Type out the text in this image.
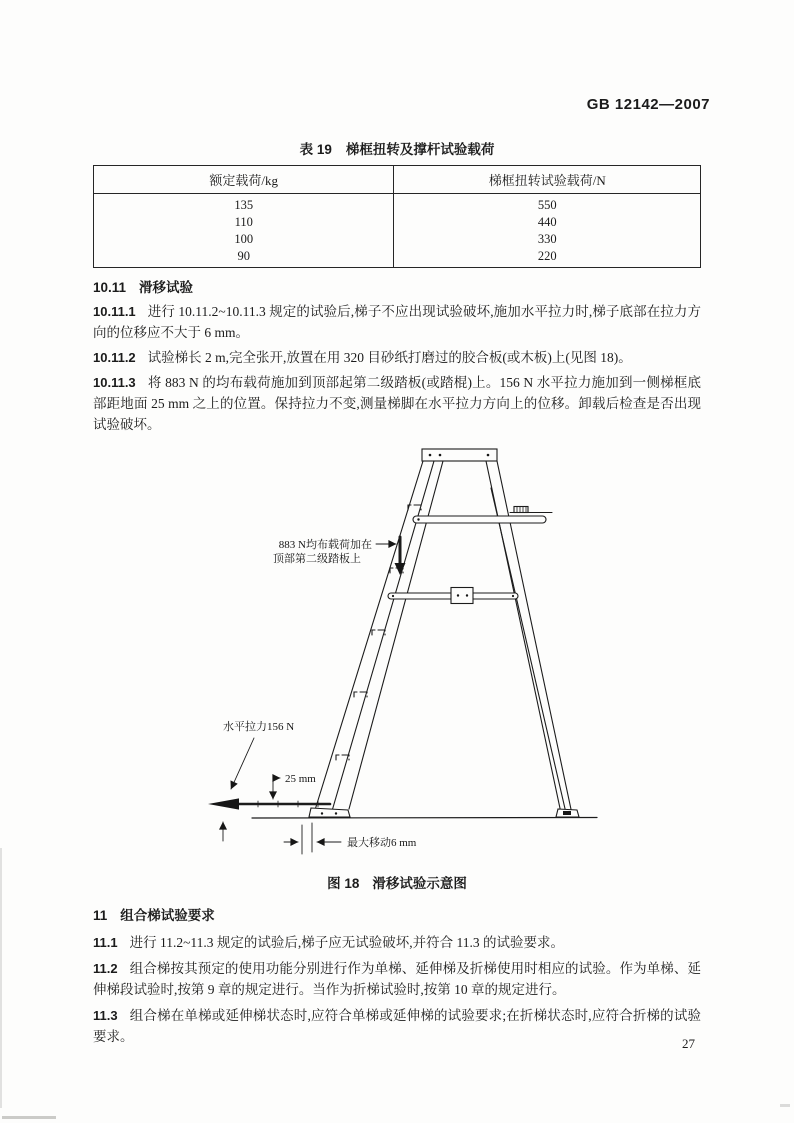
GB 12142—2007
表 19 梯框扭转及撑杆试验载荷
额定载荷/kg	梯框扭转试验载荷/N
135	550
110	440
100	330
90	220
10.11 滑移试验

10.11.1 进行 10.11.2~10.11.3 规定的试验后,梯子不应出现试验破坏,施加水平拉力时,梯子底部在拉力方向的位移应不大于 6 mm。

10.11.2 试验梯长 2 m,完全张开,放置在用 320 目砂纸打磨过的胶合板(或木板)上(见图 18)。

10.11.3 将 883 N 的均布载荷施加到顶部起第二级踏板(或踏棍)上。156 N 水平拉力施加到一侧梯框底部距地面 25 mm 之上的位置。保持拉力不变,测量梯脚在水平拉力方向上的位移。卸载后检查是否出现试验破坏。

883 N均布载荷加在
顶部第二级踏板上
水平拉力156 N
25 mm
最大移动6 mm
图 18 滑移试验示意图
11 组合梯试验要求

11.1 进行 11.2~11.3 规定的试验后,梯子应无试验破坏,并符合 11.3 的试验要求。

11.2 组合梯按其预定的使用功能分别进行作为单梯、延伸梯及折梯使用时相应的试验。作为单梯、延伸梯段试验时,按第 9 章的规定进行。当作为折梯试验时,按第 10 章的规定进行。

11.3 组合梯在单梯或延伸梯状态时,应符合单梯或延伸梯的试验要求;在折梯状态时,应符合折梯的试验要求。	27
